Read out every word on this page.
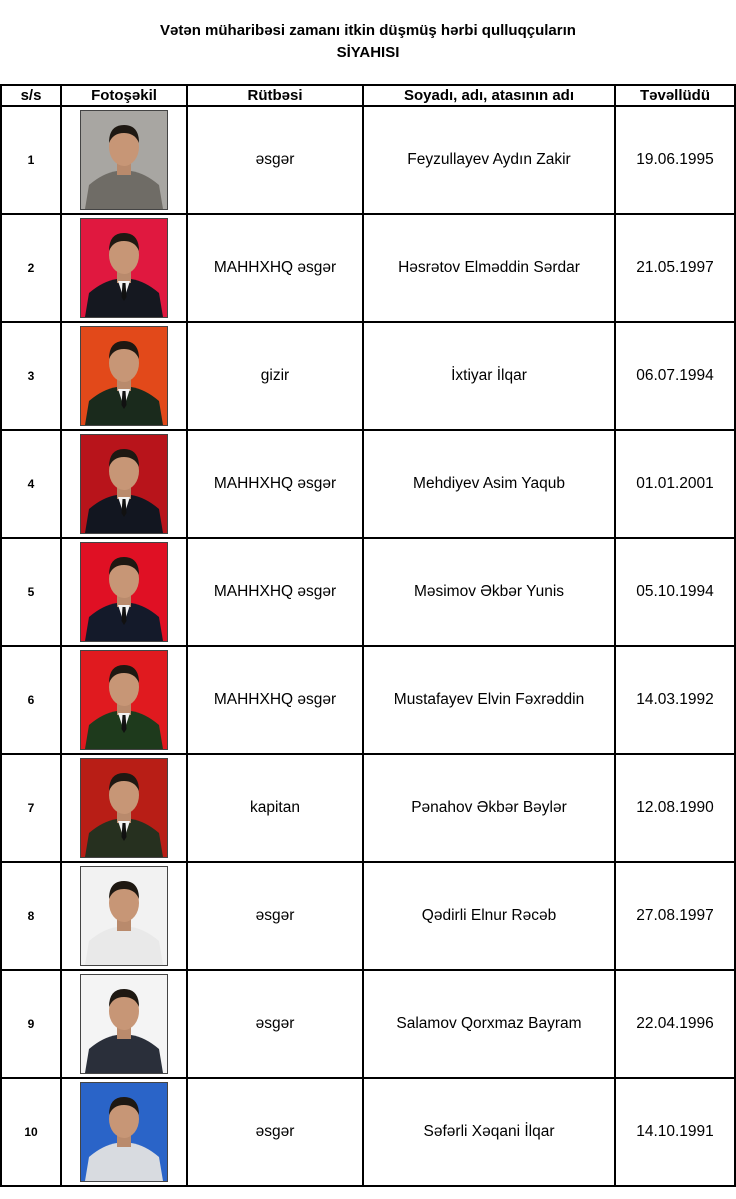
Vətən müharibəsi zamanı itkin düşmüş hərbi qulluqçuların
SİYAHISI
s/s	Fotoşəkil	Rütbəsi	Soyadı, adı, atasının adı	Təvəllüdü
1		əsgər	Feyzullayev Aydın Zakir	19.06.1995
2		MAHHXHQ əsgər	Həsrətov Elməddin Sərdar	21.05.1997
3		gizir	İxtiyar İlqar	06.07.1994
4		MAHHXHQ əsgər	Mehdiyev Asim Yaqub	01.01.2001
5		MAHHXHQ əsgər	Məsimov Əkbər Yunis	05.10.1994
6		MAHHXHQ əsgər	Mustafayev Elvin Fəxrəddin	14.03.1992
7		kapitan	Pənahov Əkbər Bəylər	12.08.1990
8		əsgər	Qədirli Elnur Rəcəb	27.08.1997
9		əsgər	Salamov Qorxmaz Bayram	22.04.1996
10		əsgər	Səfərli Xəqani İlqar	14.10.1991
